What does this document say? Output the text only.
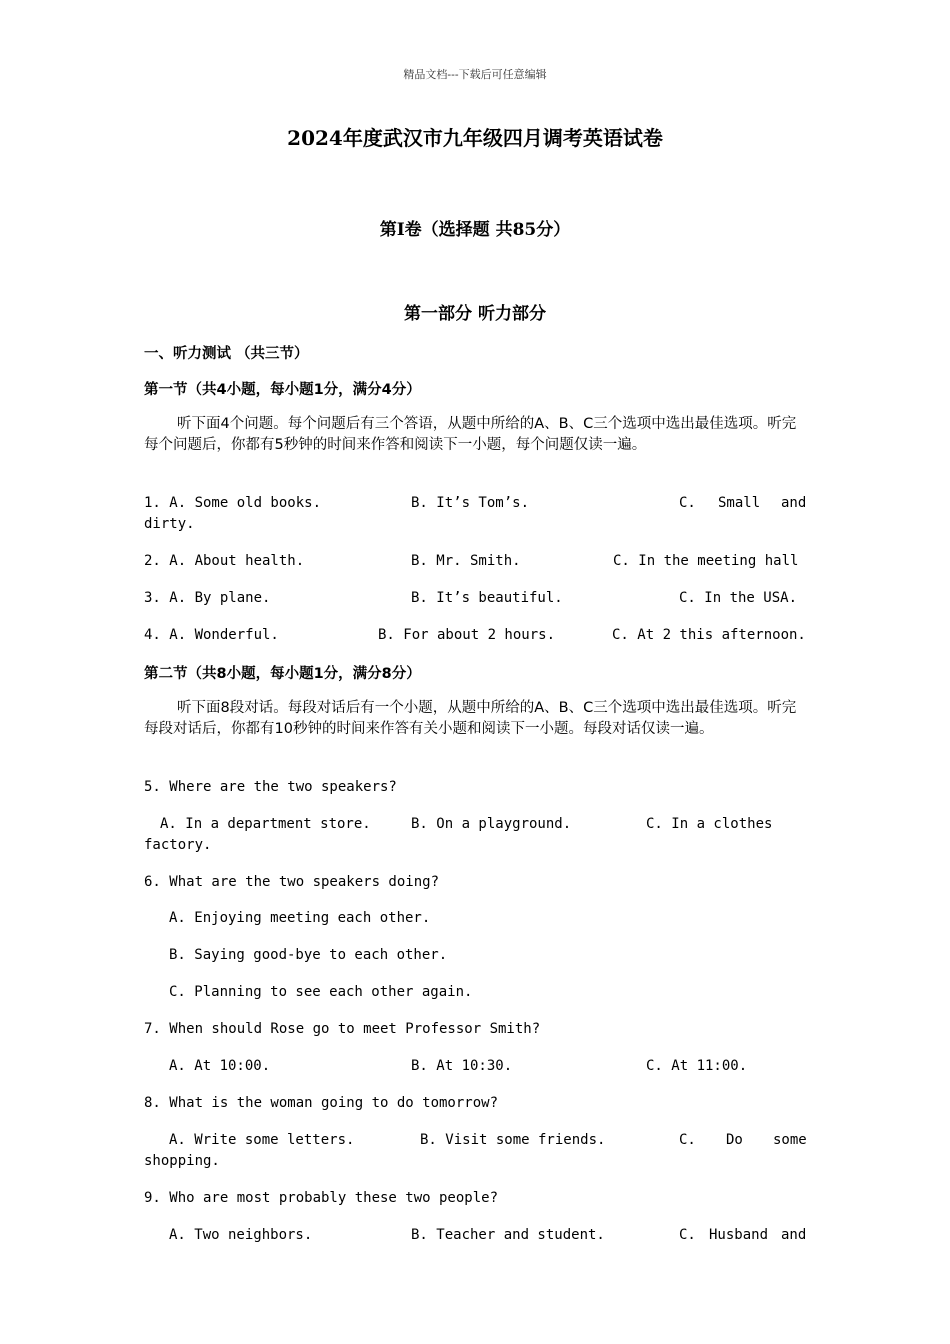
精品文档---下载后可任意编辑
2024年度武汉市九年级四月调考英语试卷
第I卷（选择题 共85分）
第一部分 听力部分
一、听力测试 （共三节）
第一节（共4小题，每小题1分，满分4分）
听下面4个问题。每个问题后有三个答语，从题中所给的A、B、C三个选项中选出最佳选项。听完每个问题后，你都有5秒钟的时间来作答和阅读下一小题，每个问题仅读一遍。
1. A. Some old books.	B. It’s Tom’s.	C. Small and
dirty.
2. A. About health.	B. Mr. Smith.	C. In the meeting hall
3. A. By plane.	B. It’s beautiful.	C. In the USA.
4. A. Wonderful.	B. For about 2 hours.	C. At 2 this afternoon.
第二节（共8小题，每小题1分，满分8分）
听下面8段对话。每段对话后有一个小题，从题中所给的A、B、C三个选项中选出最佳选项。听完每段对话后，你都有10秒钟的时间来作答有关小题和阅读下一小题。每段对话仅读一遍。
5. Where are the two speakers?
A. In a department store.	B. On a playground.	C. In a clothes
factory.
6. What are the two speakers doing?
A. Enjoying meeting each other.
B. Saying good-bye to each other.
C. Planning to see each other again.
7. When should Rose go to meet Professor Smith?
A. At 10:00.	B. At 10:30.	C. At 11:00.
8. What is the woman going to do tomorrow?
A. Write some letters.	B. Visit some friends.	C. Do some
shopping.
9. Who are most probably these two people?
A. Two neighbors.	B. Teacher and student.	C. Husband and
